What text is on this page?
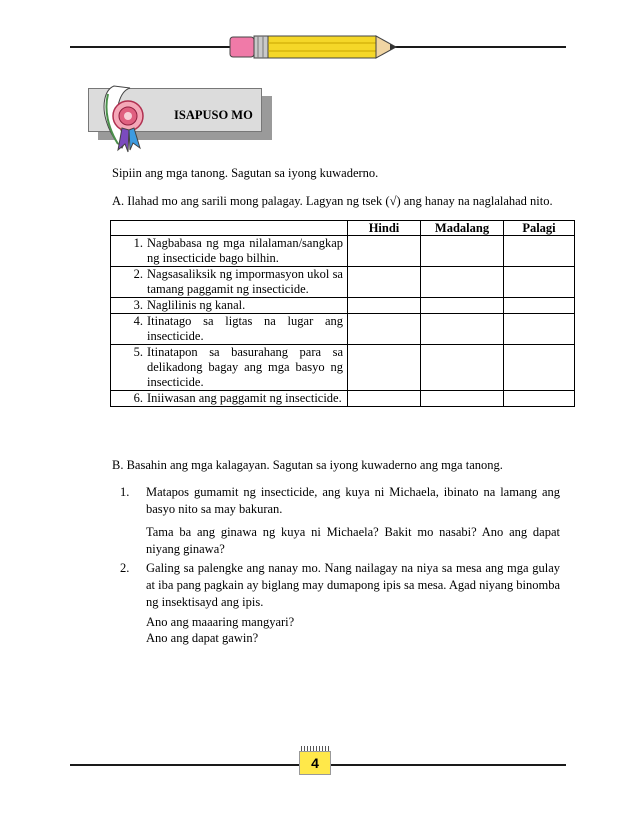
ISAPUSO MO
Sipiin ang mga tanong. Sagutan sa iyong kuwaderno.
A. Ilahad mo ang sarili mong palagay. Lagyan ng tsek (√) ang hanay na naglalahad nito.
	Hindi	Madalang	Palagi

1. Nagbabasa ng mga nilalaman/sangkap ng insecticide bago bilhin.			

2. Nagsasaliksik ng impormasyon ukol sa tamang paggamit ng insecticide.			

3. Naglilinis ng kanal.			

4. Itinatago sa ligtas na lugar ang insecticide.			

5. Itinatapon sa basurahang para sa delikadong bagay ang mga basyo ng insecticide.			

6. Iniiwasan ang paggamit ng insecticide.			

B. Basahin ang mga kalagayan. Sagutan sa iyong kuwaderno ang mga tanong.
1. Matapos gumamit ng insecticide, ang kuya ni Michaela, ibinato na lamang ang basyo nito sa may bakuran.
Tama ba ang ginawa ng kuya ni Michaela? Bakit mo nasabi? Ano ang dapat niyang ginawa?
2. Galing sa palengke ang nanay mo. Nang nailagay na niya sa mesa ang mga gulay at iba pang pagkain ay biglang may dumapong ipis sa mesa. Agad niyang binomba ng insektisayd ang ipis.
Ano ang maaaring mangyari?
Ano ang dapat gawin?
4
